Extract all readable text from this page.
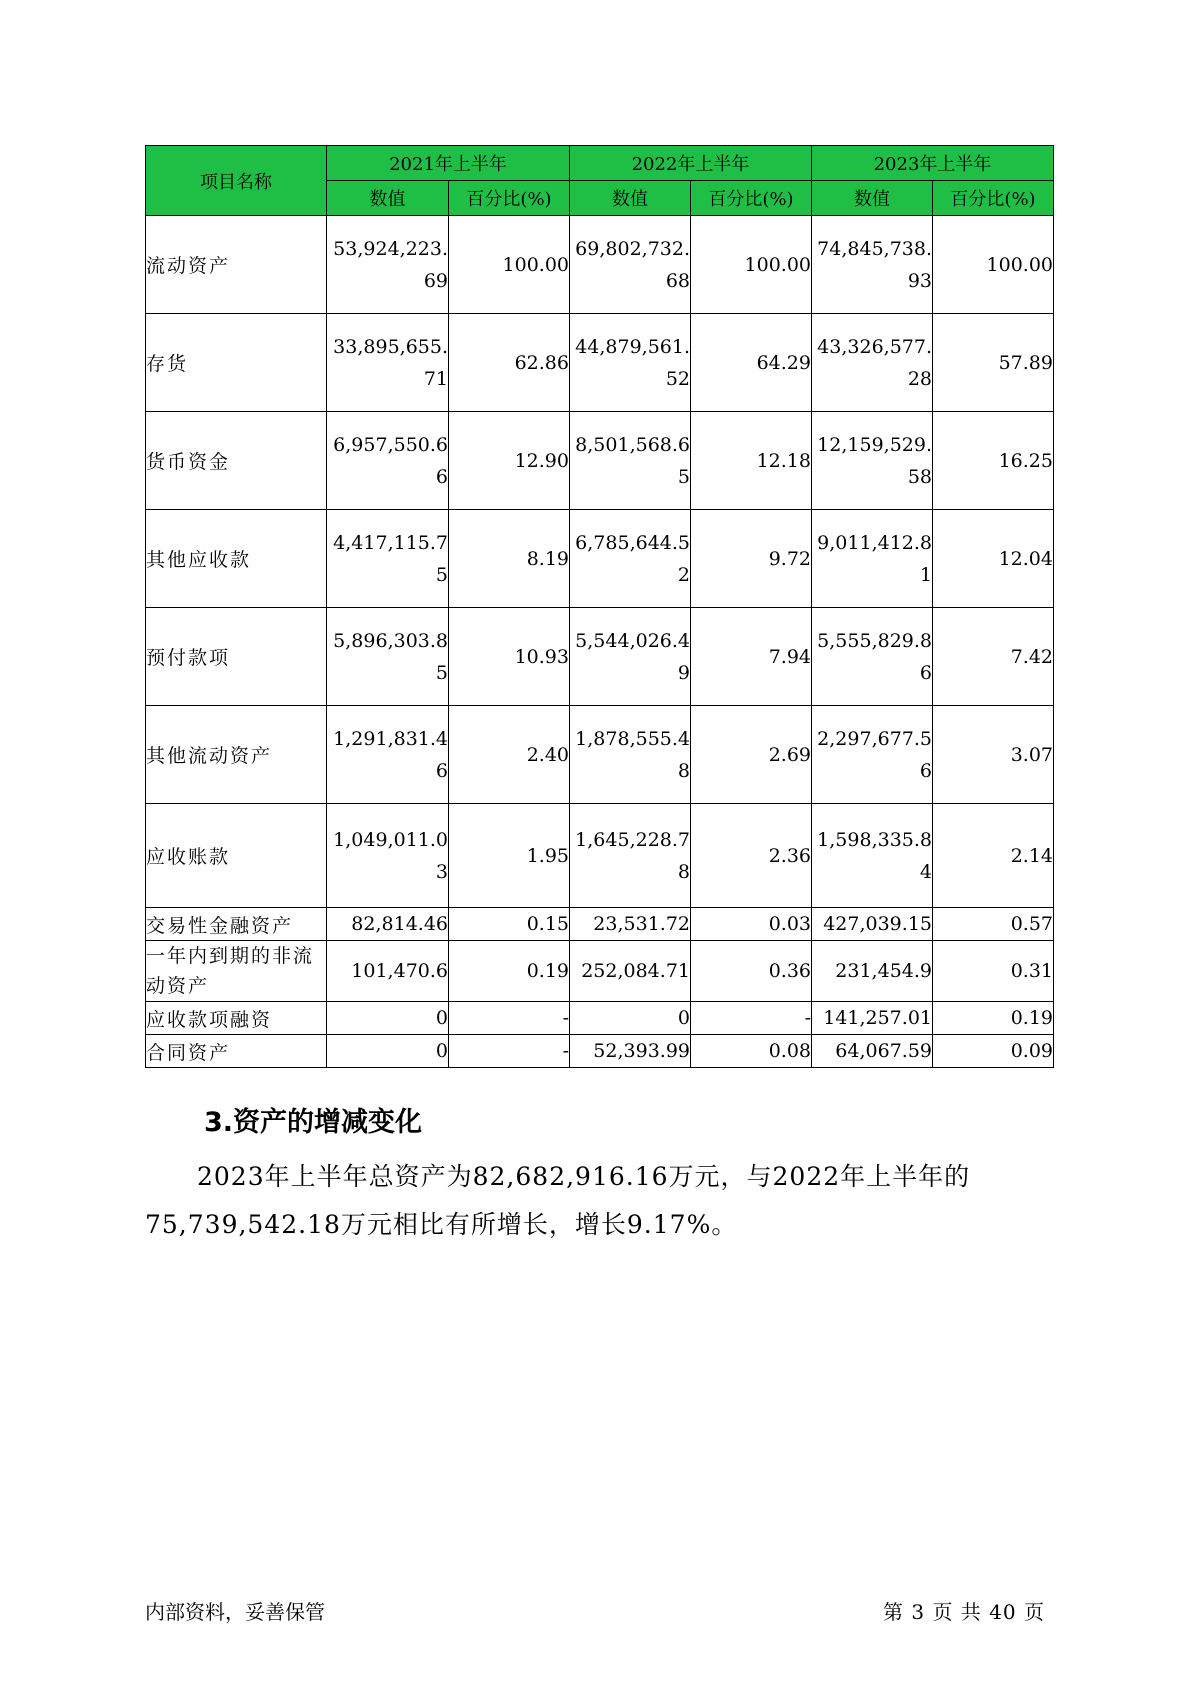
项目名称	2021年上半年		2022年上半年		2023年上半年	
	数值	百分比(%)	数值	百分比(%)	数值	百分比(%)
流动资产	53,924,223.69	100.00	69,802,732.68	100.00	74,845,738.93	100.00
存货	33,895,655.71	62.86	44,879,561.52	64.29	43,326,577.28	57.89
货币资金	6,957,550.66	12.90	8,501,568.65	12.18	12,159,529.58	16.25
其他应收款	4,417,115.75	8.19	6,785,644.52	9.72	9,011,412.81	12.04
预付款项	5,896,303.85	10.93	5,544,026.49	7.94	5,555,829.86	7.42
其他流动资产	1,291,831.46	2.40	1,878,555.48	2.69	2,297,677.56	3.07
应收账款	1,049,011.03	1.95	1,645,228.78	2.36	1,598,335.84	2.14
交易性金融资产	82,814.46	0.15	23,531.72	0.03	427,039.15	0.57
一年内到期的非流动资产	101,470.6	0.19	252,084.71	0.36	231,454.9	0.31
应收款项融资	0	-	0	-	141,257.01	0.19
合同资产	0	-	52,393.99	0.08	64,067.59	0.09
3.资产的增减变化

2023年上半年总资产为82,682,916.16万元，与2022年上半年的75,739,542.18万元相比有所增长，增长9.17%。

内部资料，妥善保管	第 3 页 共 40 页
